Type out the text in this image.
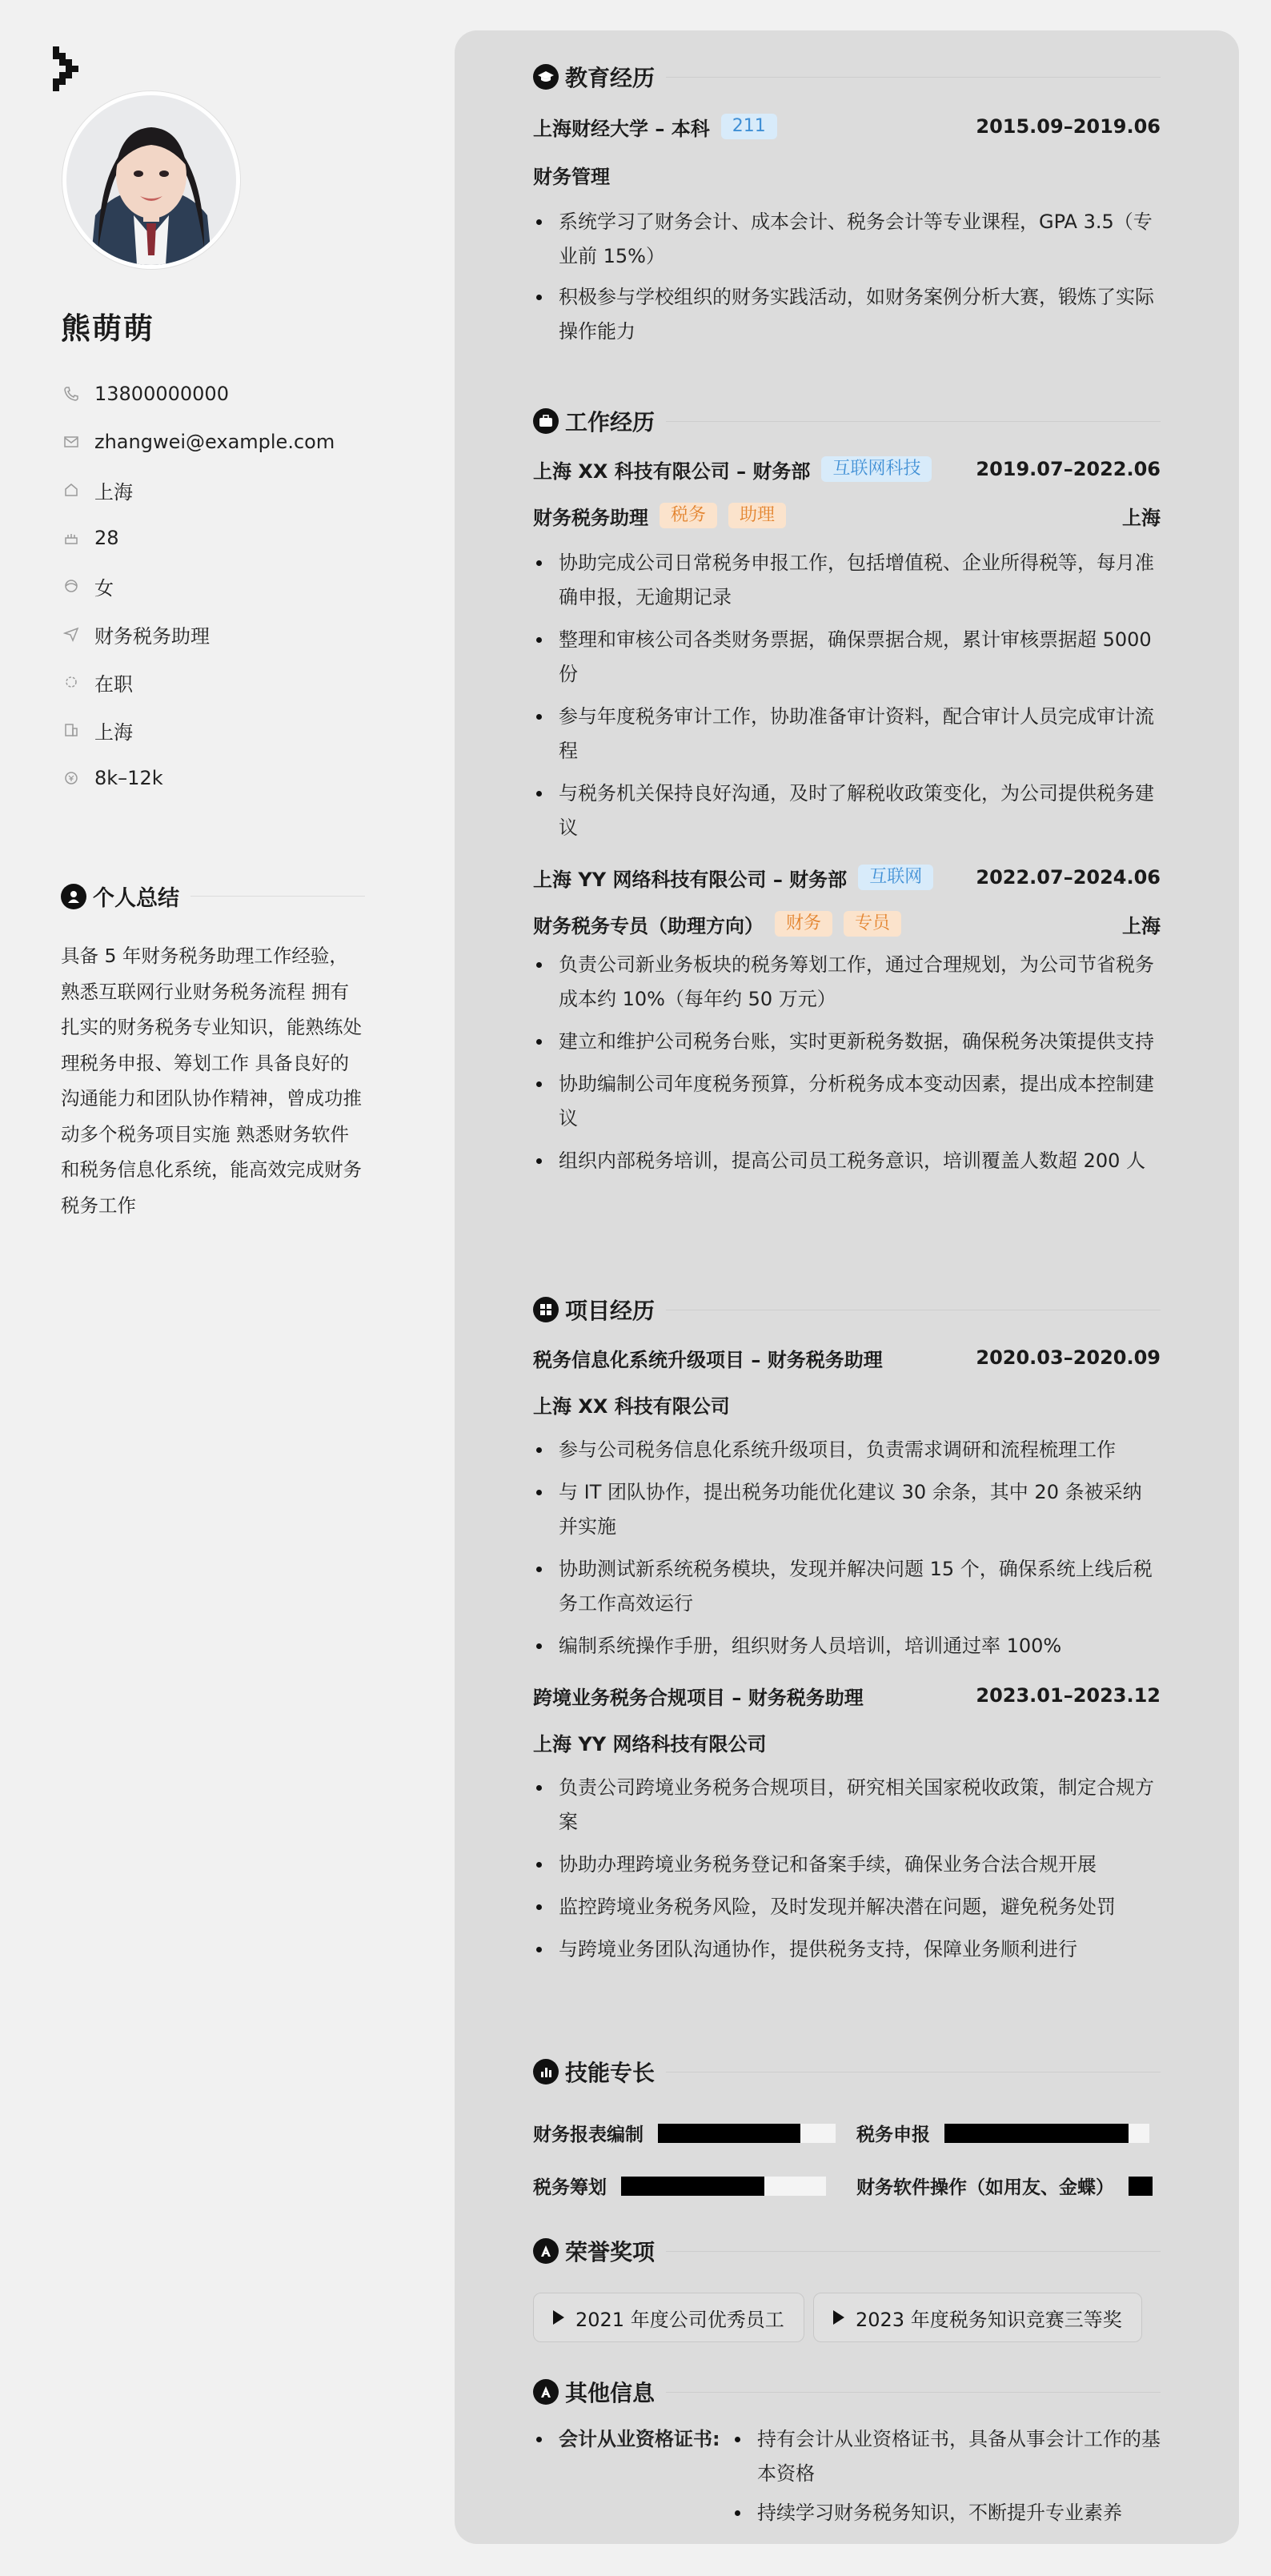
熊萌萌
13800000000
zhangwei@example.com
上海
28
女
财务税务助理
在职
上海
8k–12k
个人总结
具备 5 年财务税务助理工作经验，熟悉互联网行业财务税务流程 拥有扎实的财务税务专业知识，能熟练处理税务申报、筹划工作 具备良好的沟通能力和团队协作精神，曾成功推动多个税务项目实施 熟悉财务软件和税务信息化系统，能高效完成财务税务工作
教育经历
上海财经大学 – 本科	211	2015.09–2019.06
财务管理
系统学习了财务会计、成本会计、税务会计等专业课程，GPA 3.5（专业前 15%）
积极参与学校组织的财务实践活动，如财务案例分析大赛，锻炼了实际操作能力
工作经历
上海 XX 科技有限公司 – 财务部	互联网科技	2019.07–2022.06
财务税务助理	税务	助理	上海
协助完成公司日常税务申报工作，包括增值税、企业所得税等，每月准确申报，无逾期记录
整理和审核公司各类财务票据，确保票据合规，累计审核票据超 5000 份
参与年度税务审计工作，协助准备审计资料，配合审计人员完成审计流程
与税务机关保持良好沟通，及时了解税收政策变化，为公司提供税务建议
上海 YY 网络科技有限公司 – 财务部	互联网	2022.07–2024.06
财务税务专员（助理方向）	财务	专员	上海
负责公司新业务板块的税务筹划工作，通过合理规划，为公司节省税务成本约 10%（每年约 50 万元）
建立和维护公司税务台账，实时更新税务数据，确保税务决策提供支持
协助编制公司年度税务预算，分析税务成本变动因素，提出成本控制建议
组织内部税务培训，提高公司员工税务意识，培训覆盖人数超 200 人
项目经历
税务信息化系统升级项目 – 财务税务助理	2020.03–2020.09
上海 XX 科技有限公司
参与公司税务信息化系统升级项目，负责需求调研和流程梳理工作
与 IT 团队协作，提出税务功能优化建议 30 余条，其中 20 条被采纳并实施
协助测试新系统税务模块，发现并解决问题 15 个，确保系统上线后税务工作高效运行
编制系统操作手册，组织财务人员培训，培训通过率 100%
跨境业务税务合规项目 – 财务税务助理	2023.01–2023.12
上海 YY 网络科技有限公司
负责公司跨境业务税务合规项目，研究相关国家税收政策，制定合规方案
协助办理跨境业务税务登记和备案手续，确保业务合法合规开展
监控跨境业务税务风险，及时发现并解决潜在问题，避免税务处罚
与跨境业务团队沟通协作，提供税务支持，保障业务顺利进行
技能专长
财务报表编制	税务申报
税务筹划	财务软件操作（如用友、金蝶）
荣誉奖项
2021 年度公司优秀员工	2023 年度税务知识竞赛三等奖
其他信息
会计从业资格证书:	持有会计从业资格证书，具备从事会计工作的基本资格
持续学习财务税务知识，不断提升专业素养
